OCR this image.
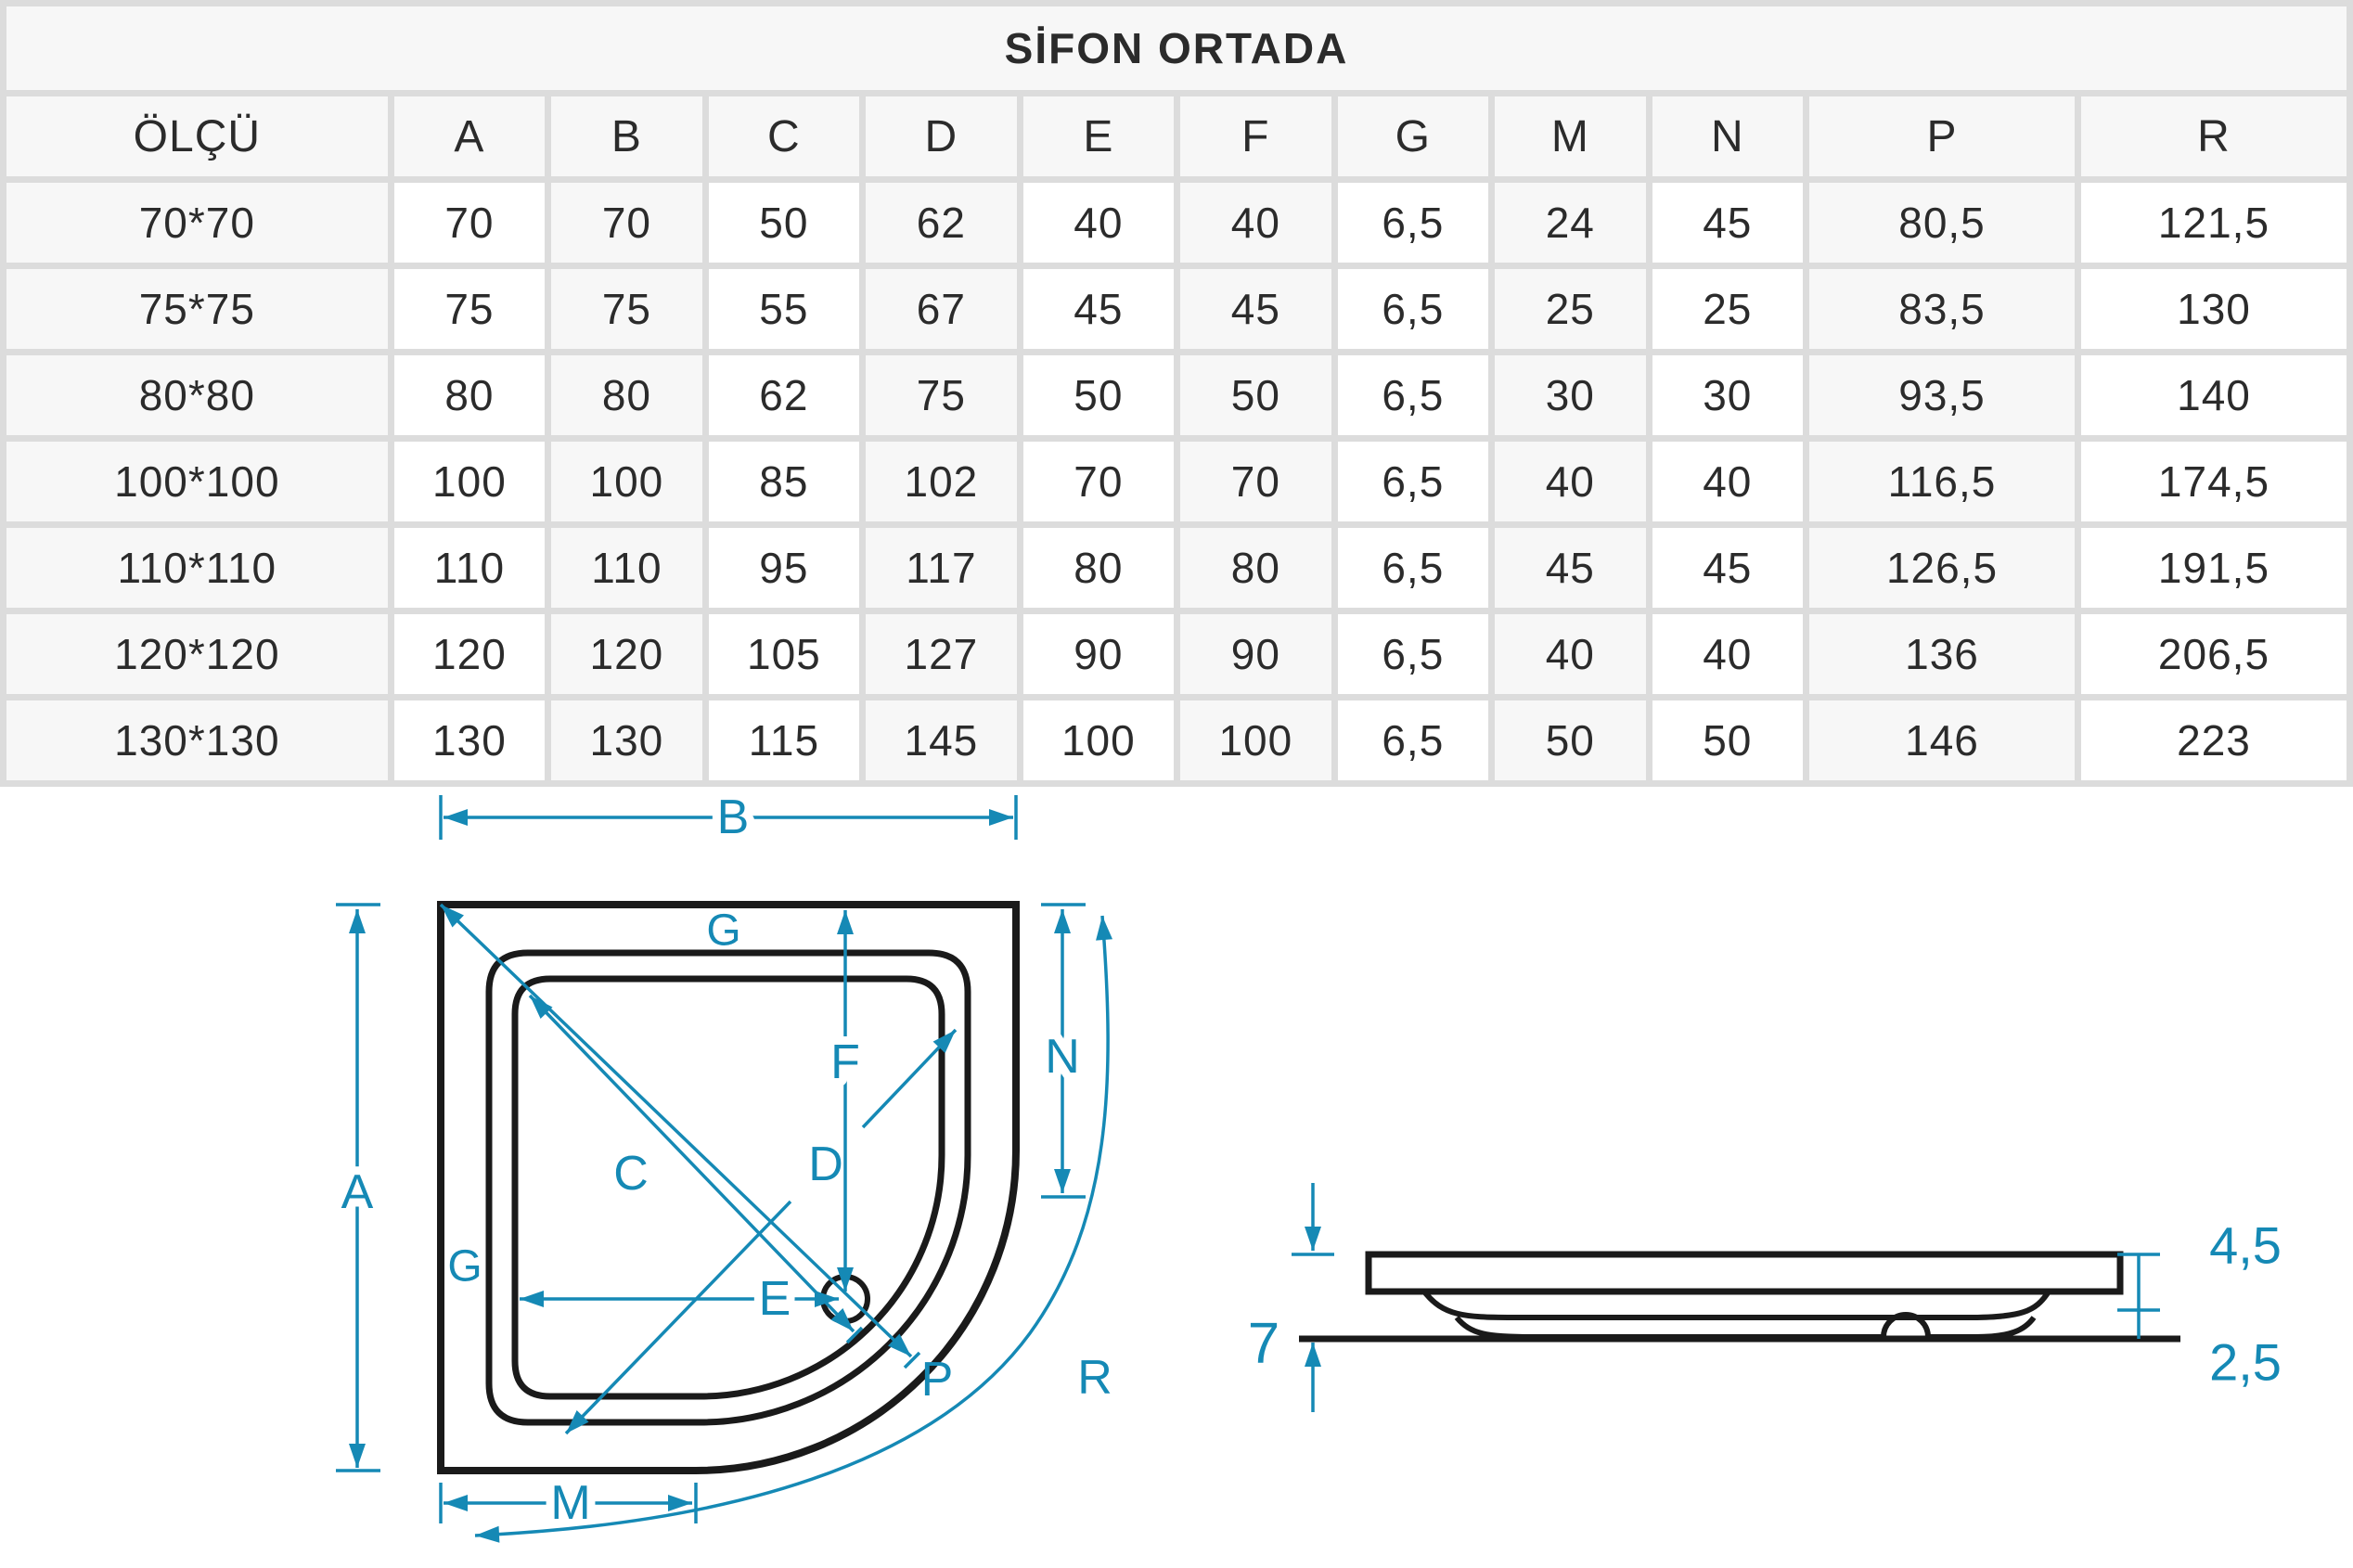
SİFON ORTADA											
ÖLÇÜ	A	B	C	D	E	F	G	M	N	P	R
70*70	70	70	50	62	40	40	6,5	24	45	80,5	121,5
75*75	75	75	55	67	45	45	6,5	25	25	83,5	130
80*80	80	80	62	75	50	50	6,5	30	30	93,5	140
100*100	100	100	85	102	70	70	6,5	40	40	116,5	174,5
110*110	110	110	95	117	80	80	6,5	45	45	126,5	191,5
120*120	120	120	105	127	90	90	6,5	40	40	136	206,5
130*130	130	130	115	145	100	100	6,5	50	50	146	223
B
A
N
M
R
P
C	D
E
F
G
G
7
4,5
2,5
